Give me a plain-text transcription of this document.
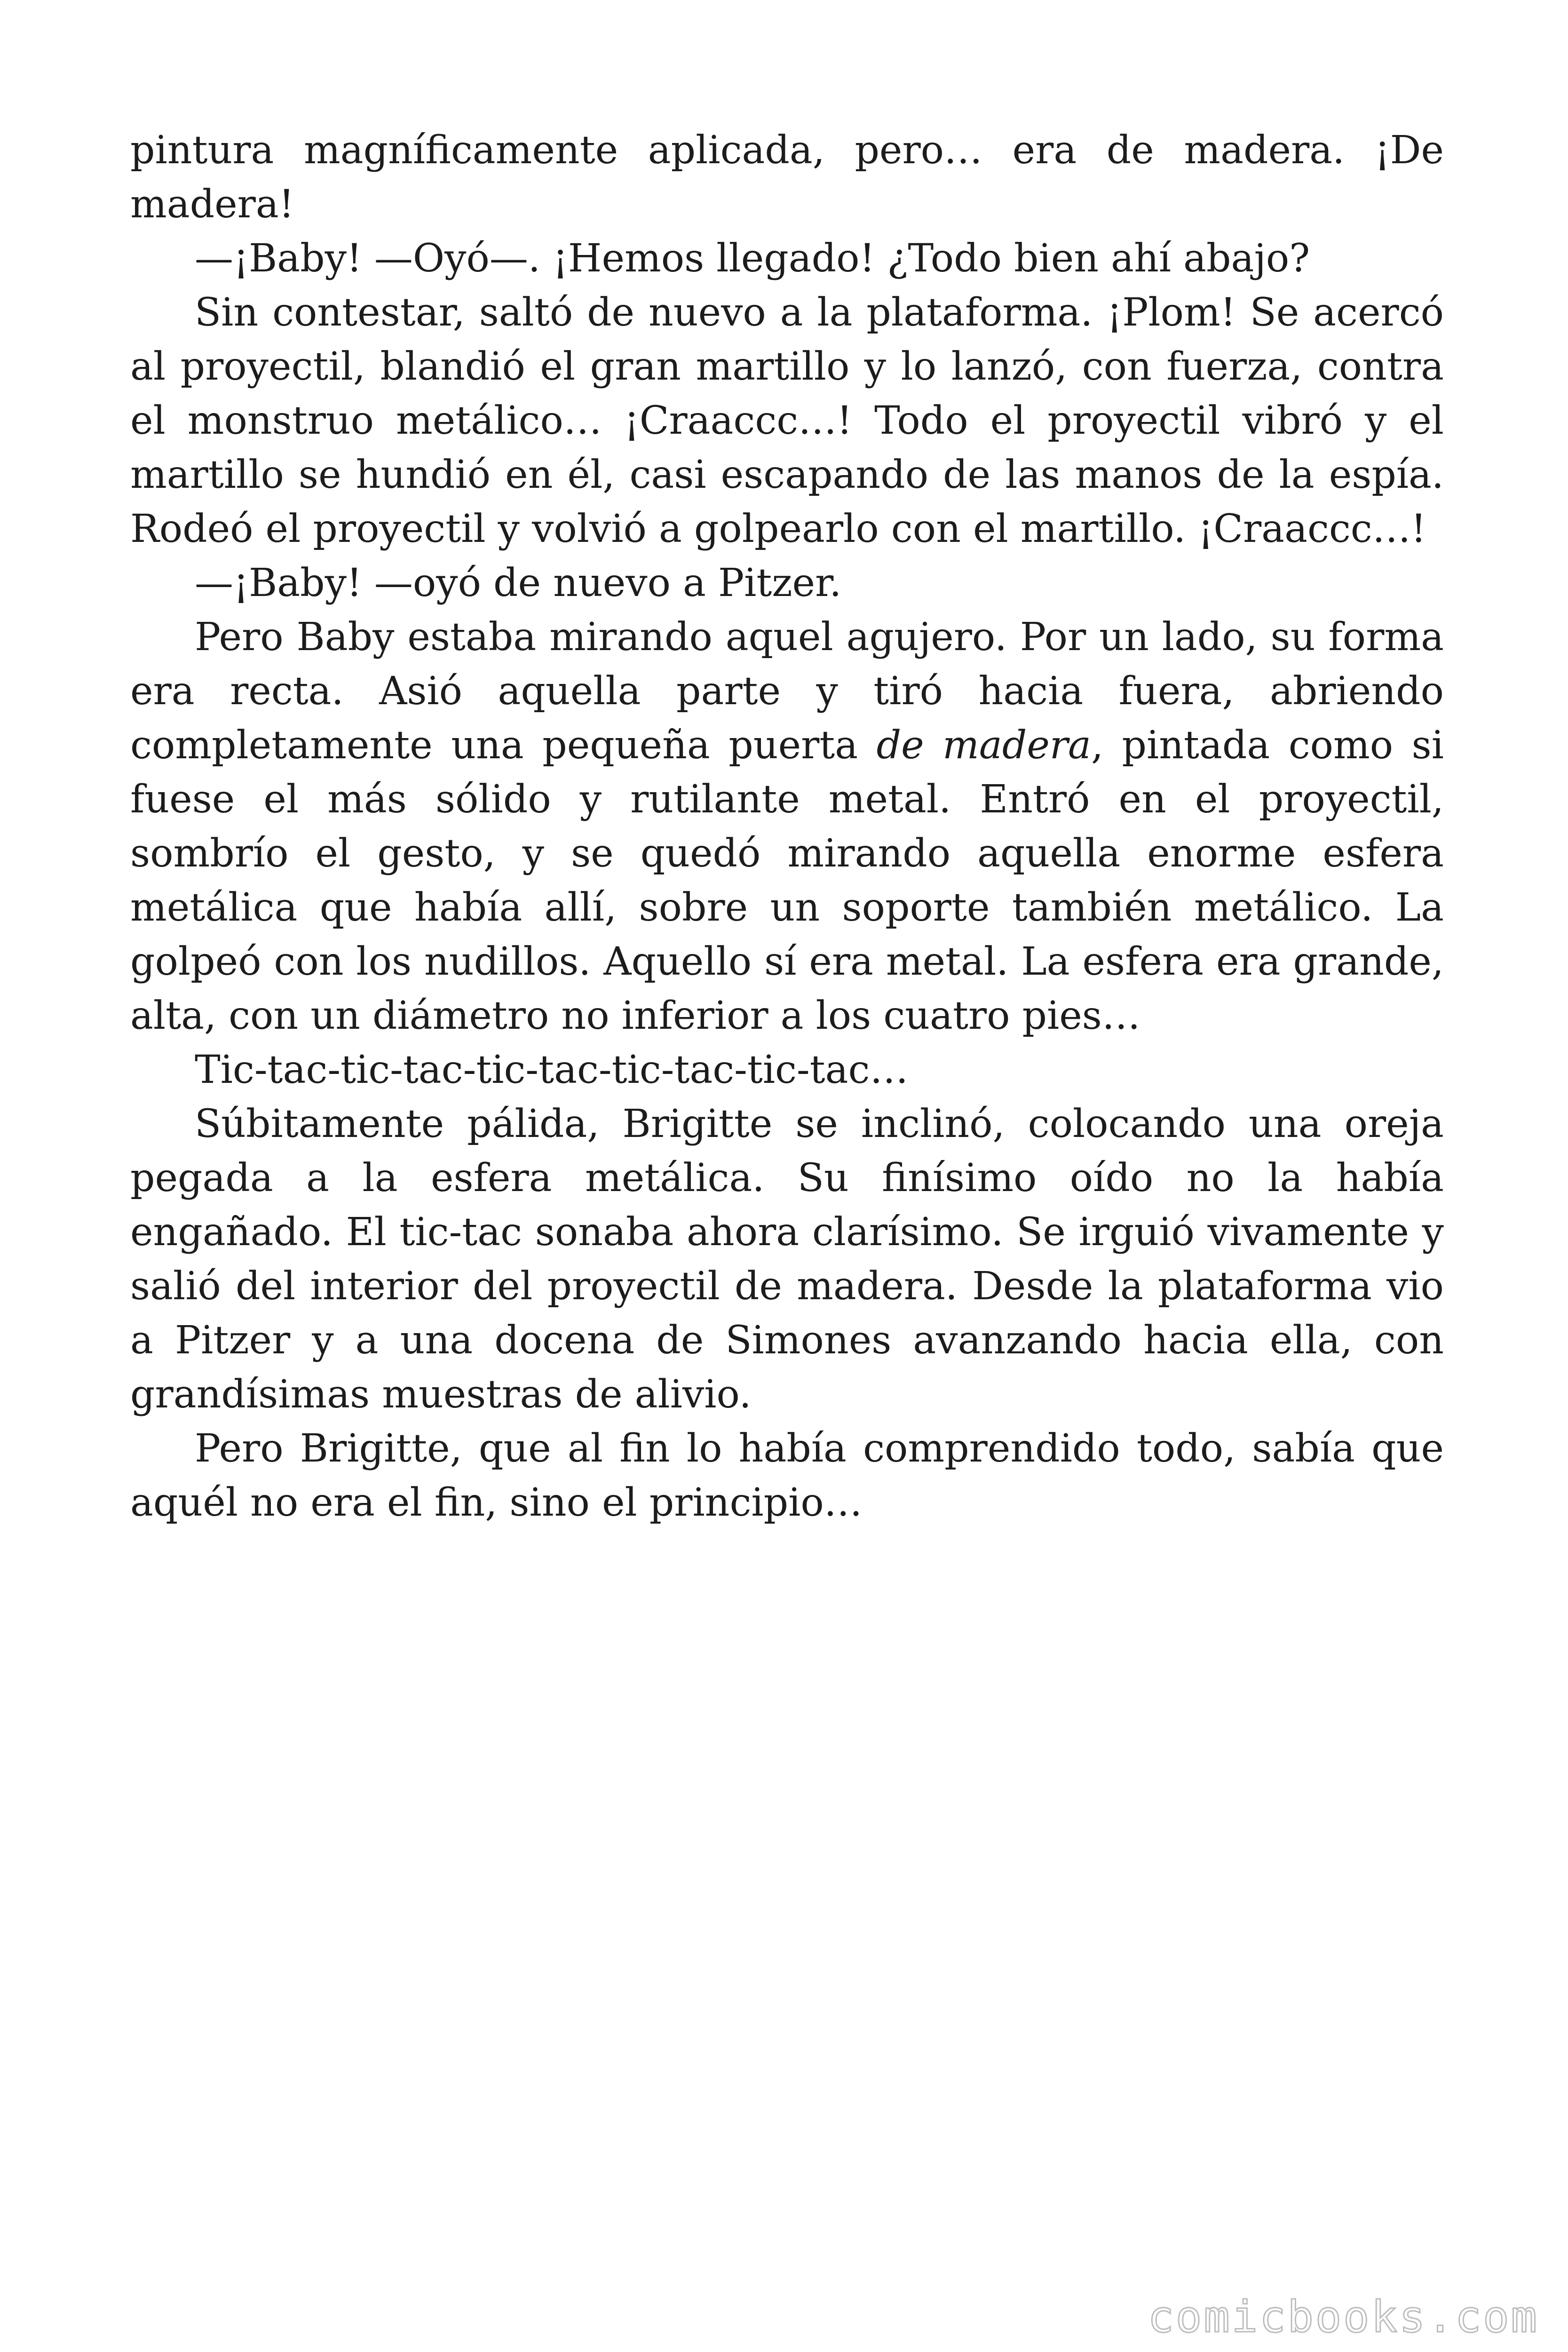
pintura magníficamente aplicada, pero… era de madera. ¡De madera!

—¡Baby! —Oyó—. ¡Hemos llegado! ¿Todo bien ahí abajo?

Sin contestar, saltó de nuevo a la plataforma. ¡Plom! Se acercó al proyectil, blandió el gran martillo y lo lanzó, con fuerza, contra el monstruo metálico… ¡Craaccc…! Todo el proyectil vibró y el martillo se hundió en él, casi escapando de las manos de la espía. Rodeó el proyectil y volvió a golpearlo con el martillo. ¡Craaccc…!

—¡Baby! —oyó de nuevo a Pitzer.

Pero Baby estaba mirando aquel agujero. Por un lado, su forma era recta. Asió aquella parte y tiró hacia fuera, abriendo completamente una pequeña puerta de madera, pintada como si fuese el más sólido y rutilante metal. Entró en el proyectil, sombrío el gesto, y se quedó mirando aquella enorme esfera metálica que había allí, sobre un soporte también metálico. La golpeó con los nudillos. Aquello sí era metal. La esfera era grande, alta, con un diámetro no inferior a los cuatro pies…

Tic-tac-tic-tac-tic-tac-tic-tac-tic-tac…

Súbitamente pálida, Brigitte se inclinó, colocando una oreja pegada a la esfera metálica. Su finísimo oído no la había engañado. El tic-tac sonaba ahora clarísimo. Se irguió vivamente y salió del interior del proyectil de madera. Desde la plataforma vio a Pitzer y a una docena de Simones avanzando hacia ella, con grandísimas muestras de alivio.

Pero Brigitte, que al fin lo había comprendido todo, sabía que aquél no era el fin, sino el principio…

comicbooks.com
